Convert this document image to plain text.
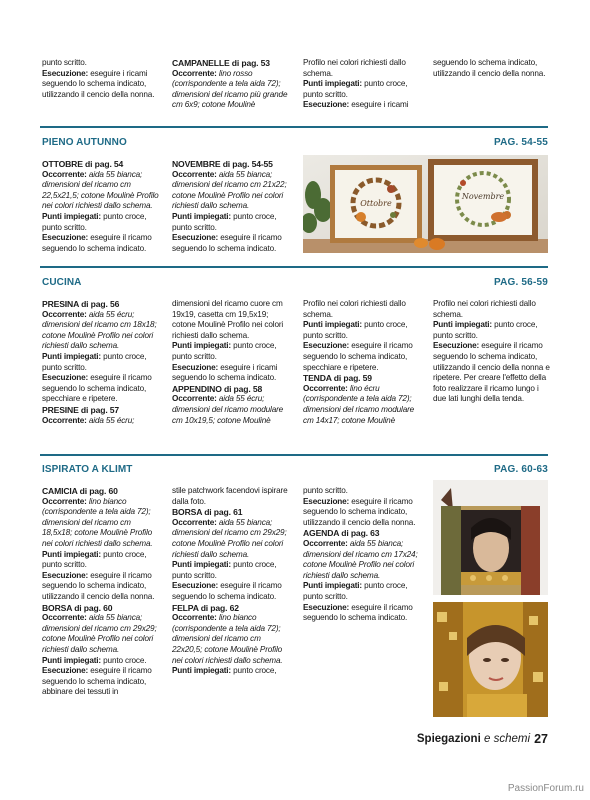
punto scritto.

Esecuzione: eseguire i ricami seguendo lo schema indicato, utilizzando il cencio della nonna.

CAMPANELLE di pag. 53

Occorrente: lino rosso (corrispondente a tela aida 72); dimensioni del ricamo più grande cm 6x9; cotone Moulinè

Profilo nei colori richiesti dallo schema.

Punti impiegati: punto croce, punto scritto.

Esecuzione: eseguire i ricami

seguendo lo schema indicato, utilizzando il cencio della nonna.

PIENO AUTUNNO	PAG. 54-55

OTTOBRE di pag. 54

Occorrente: aida 55 bianca; dimensioni del ricamo cm 22,5x21,5; cotone Moulinè Profilo nei colori richiesti dallo schema.

Punti impiegati: punto croce, punto scritto.

Esecuzione: eseguire il ricamo seguendo lo schema indicato.

NOVEMBRE di pag. 54-55

Occorrente: aida 55 bianca; dimensioni del ricamo cm 21x22; cotone Moulinè Profilo nei colori richiesti dallo schema.

Punti impiegati: punto croce, punto scritto.

Esecuzione: eseguire il ricamo seguendo lo schema indicato.

Ottobre
Novembre
CUCINA	PAG. 56-59

PRESINA di pag. 56

Occorrente: aida 55 écru; dimensioni del ricamo cm 18x18; cotone Moulinè Profilo nei colori richiesti dallo schema.

Punti impiegati: punto croce, punto scritto.

Esecuzione: eseguire il ricamo seguendo lo schema indicato, specchiare e ripetere.

PRESINE di pag. 57

Occorrente: aida 55 écru;

dimensioni del ricamo cuore cm 19x19, casetta cm 19,5x19; cotone Moulinè Profilo nei colori richiesti dallo schema.

Punti impiegati: punto croce, punto scritto.

Esecuzione: eseguire i ricami seguendo lo schema indicato.

APPENDINO di pag. 58

Occorrente: aida 55 écru; dimensioni del ricamo modulare cm 10x19,5; cotone Moulinè

Profilo nei colori richiesti dallo schema.

Punti impiegati: punto croce, punto scritto.

Esecuzione: eseguire il ricamo seguendo lo schema indicato, specchiare e ripetere.

TENDA di pag. 59

Occorrente: lino écru (corrispondente a tela aida 72); dimensioni del ricamo modulare cm 14x17; cotone Moulinè

Profilo nei colori richiesti dallo schema.

Punti impiegati: punto croce, punto scritto.

Esecuzione: eseguire il ricamo seguendo lo schema indicato, utilizzando il cencio della nonna e ripetere. Per creare l'effetto della foto realizzare il ricamo lungo i due lati lunghi della tenda.

ISPIRATO A KLIMT	PAG. 60-63

CAMICIA di pag. 60

Occorrente: lino bianco (corrispondente a tela aida 72); dimensioni del ricamo cm 18,5x18; cotone Moulinè Profilo nei colori richiesti dallo schema.

Punti impiegati: punto croce, punto scritto.

Esecuzione: eseguire il ricamo seguendo lo schema indicato, utilizzando il cencio della nonna.

BORSA di pag. 60

Occorrente: aida 55 bianca; dimensioni del ricamo cm 29x29; cotone Moulinè Profilo nei colori richiesti dallo schema.

Punti impiegati: punto croce.

Esecuzione: eseguire il ricamo seguendo lo schema indicato, abbinare dei tessuti in

stile patchwork facendovi ispirare dalla foto.

BORSA di pag. 61

Occorrente: aida 55 bianca; dimensioni del ricamo cm 29x29; cotone Moulinè Profilo nei colori richiesti dallo schema.

Punti impiegati: punto croce, punto scritto.

Esecuzione: eseguire il ricamo seguendo lo schema indicato.

FELPA di pag. 62

Occorrente: lino bianco (corrispondente a tela aida 72); dimensioni del ricamo cm 22x20,5; cotone Moulinè Profilo nei colori richiesti dallo schema.

Punti impiegati: punto croce,

punto scritto.

Esecuzione: eseguire il ricamo seguendo lo schema indicato, utilizzando il cencio della nonna.

AGENDA di pag. 63

Occorrente: aida 55 bianca; dimensioni del ricamo cm 17x24; cotone Moulinè Profilo nei colori richiesti dallo schema.

Punti impiegati: punto croce, punto scritto.

Esecuzione: eseguire il ricamo seguendo lo schema indicato.

Spiegazioni e schemi 27
PassionForum.ru
